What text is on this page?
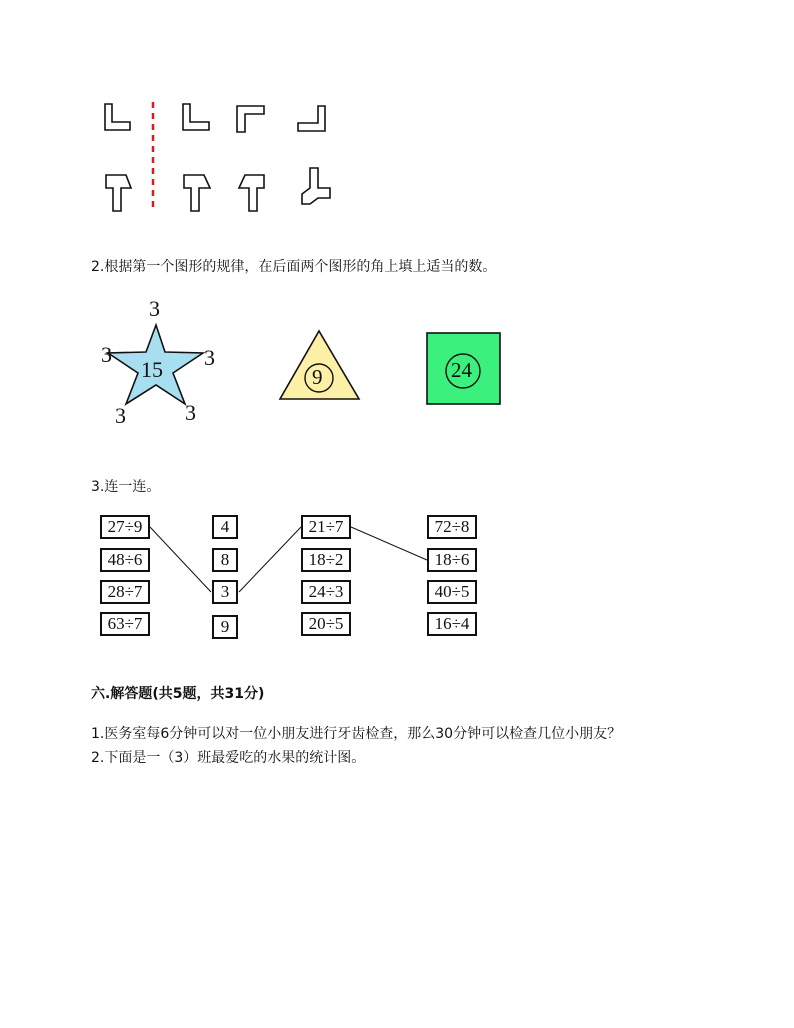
2.根据第一个图形的规律，在后面两个图形的角上填上适当的数。
3
3	3
3	3
15	9	24
3.连一连。
27÷9
48÷6
28÷7
63÷7
4
8
3
9
21÷7
18÷2
24÷3
20÷5
72÷8
18÷6
40÷5
16÷4
六.解答题(共5题，共31分)
1.医务室每6分钟可以对一位小朋友进行牙齿检查，那么30分钟可以检查几位小朋友？
2.下面是一（3）班最爱吃的水果的统计图。
